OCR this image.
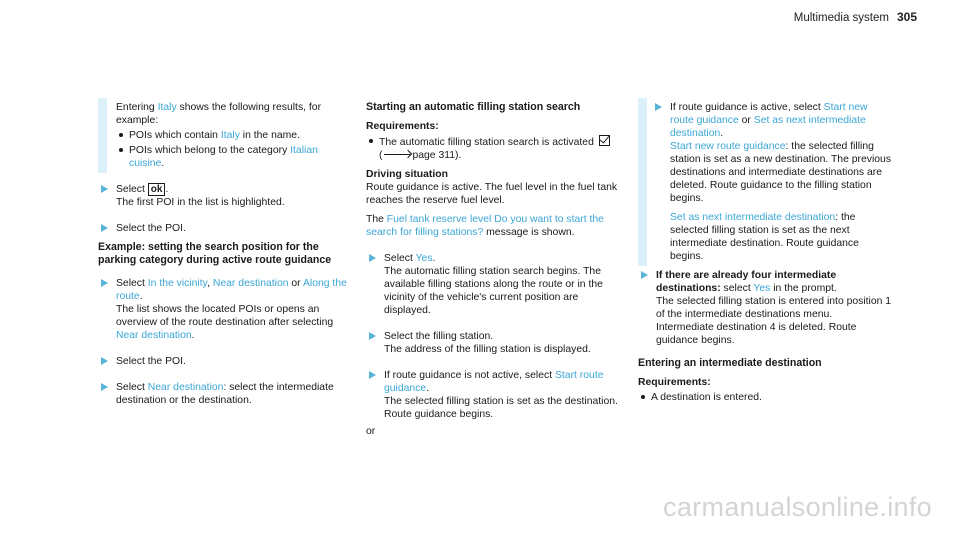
Multimedia system 305

Entering Italy shows the following results, for example:

POIs which contain Italy in the name.
POIs which belong to the category Italian cuisine.

Select ok .

The first POI in the list is highlighted.

Select the POI.

Example: setting the search position for the parking category during active route guidance

Select In the vicinity, Near destination or Along the route.

The list shows the located POIs or opens an overview of the route destination after selecting Near destination.

Select the POI.

Select Near destination: select the intermediate destination or the destination.

Starting an automatic filling station search

Requirements:

The automatic filling station search is activated  (	page 311).

Driving situation

Route guidance is active. The fuel level in the fuel tank reaches the reserve fuel level.

The Fuel tank reserve level Do you want to start the search for filling stations? message is shown.

Select Yes.

The automatic filling station search begins. The available filling stations along the route or in the vicinity of the vehicle's current position are displayed.

Select the filling station.

The address of the filling station is displayed.

If route guidance is not active, select Start route guidance.

The selected filling station is set as the destination. Route guidance begins.

or

If route guidance is active, select Start new route guidance or Set as next intermediate destination.

Start new route guidance: the selected filling station is set as a new destination. The previous destinations and intermediate destinations are deleted. Route guidance to the filling station begins.

Set as next intermediate destination: the selected filling station is set as the next intermediate destination. Route guidance begins.

If there are already four intermediate destinations: select Yes in the prompt.

The selected filling station is entered into position 1 of the intermediate destinations menu. Intermediate destination 4 is deleted. Route guidance begins.

Entering an intermediate destination

Requirements:

A destination is entered.
carmanualsonline.info
